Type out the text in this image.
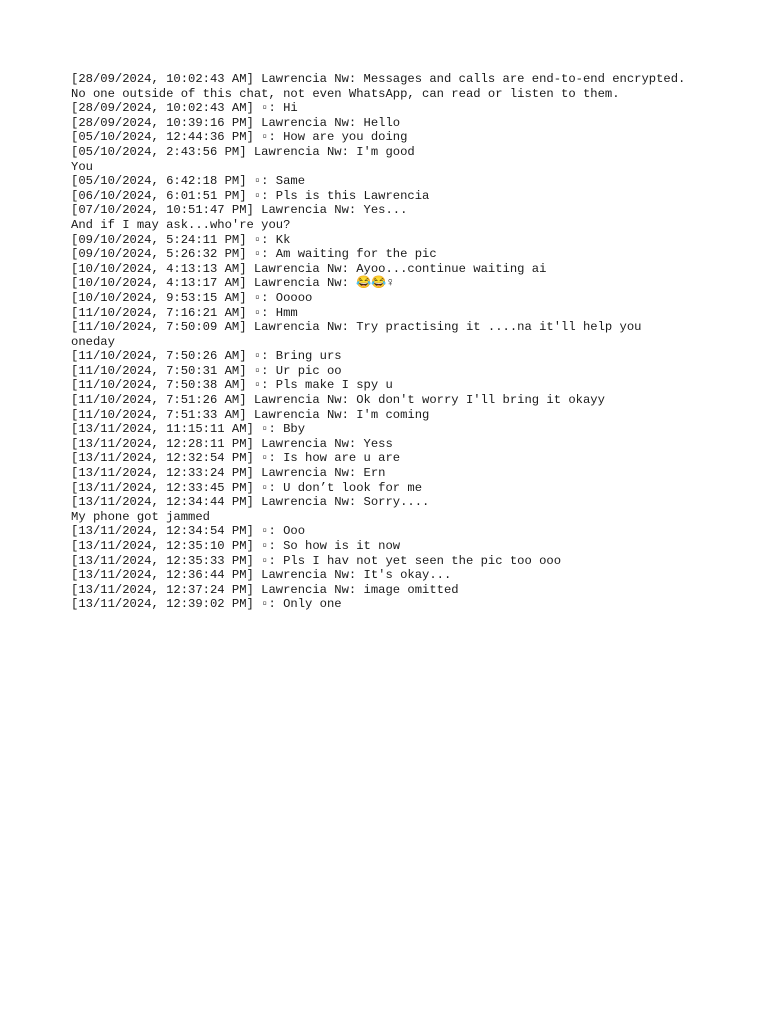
[28/09/2024, 10:02:43 AM] Lawrencia Nw: Messages and calls are end-to-end encrypted. No one outside of this chat, not even WhatsApp, can read or listen to them.
[28/09/2024, 10:02:43 AM] ▫: Hi
[28/09/2024, 10:39:16 PM] Lawrencia Nw: Hello
[05/10/2024, 12:44:36 PM] ▫: How are you doing
[05/10/2024, 2:43:56 PM] Lawrencia Nw: I'm good
You
[05/10/2024, 6:42:18 PM] ▫: Same
[06/10/2024, 6:01:51 PM] ▫: Pls is this Lawrencia
[07/10/2024, 10:51:47 PM] Lawrencia Nw: Yes...
And if I may ask...who're you?
[09/10/2024, 5:24:11 PM] ▫: Kk
[09/10/2024, 5:26:32 PM] ▫: Am waiting for the pic
[10/10/2024, 4:13:13 AM] Lawrencia Nw: Ayoo...continue waiting ai
[10/10/2024, 4:13:17 AM] Lawrencia Nw: 😂😂♀
[10/10/2024, 9:53:15 AM] ▫: Ooooo
[11/10/2024, 7:16:21 AM] ▫: Hmm
[11/10/2024, 7:50:09 AM] Lawrencia Nw: Try practising it ....na it'll help you oneday
[11/10/2024, 7:50:26 AM] ▫: Bring urs
[11/10/2024, 7:50:31 AM] ▫: Ur pic oo
[11/10/2024, 7:50:38 AM] ▫: Pls make I spy u
[11/10/2024, 7:51:26 AM] Lawrencia Nw: Ok don't worry I'll bring it okayy
[11/10/2024, 7:51:33 AM] Lawrencia Nw: I'm coming
[13/11/2024, 11:15:11 AM] ▫: Bby
[13/11/2024, 12:28:11 PM] Lawrencia Nw: Yess
[13/11/2024, 12:32:54 PM] ▫: Is how are u are
[13/11/2024, 12:33:24 PM] Lawrencia Nw: Ern
[13/11/2024, 12:33:45 PM] ▫: U don’t look for me
[13/11/2024, 12:34:44 PM] Lawrencia Nw: Sorry....
My phone got jammed
[13/11/2024, 12:34:54 PM] ▫: Ooo
[13/11/2024, 12:35:10 PM] ▫: So how is it now
[13/11/2024, 12:35:33 PM] ▫: Pls I hav not yet seen the pic too ooo
[13/11/2024, 12:36:44 PM] Lawrencia Nw: It's okay...
[13/11/2024, 12:37:24 PM] Lawrencia Nw: image omitted
[13/11/2024, 12:39:02 PM] ▫: Only one
